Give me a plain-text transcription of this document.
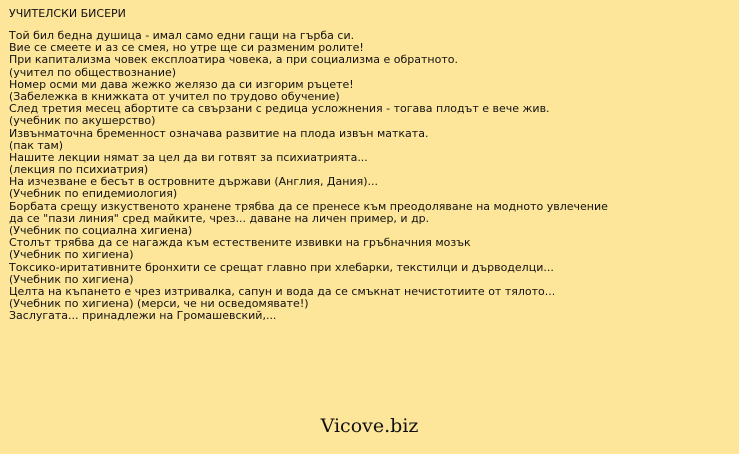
УЧИТЕЛСКИ БИСЕРИ
Той бил бедна душица - имал само едни гащи на гърба си.
Вие се смеете и аз се смея, но утре ще си разменим ролите!
При капитализма човек експлоатира човека, а при социализма е обратното.
(учител по обществознание)
Номер осми ми дава жежко желязо да си изгорим ръцете!
(Забележка в книжката от учител по трудово обучение)
След третия месец абортите са свързани с редица усложнения - тогава плодът е вече жив.
(учебник по акушерство)
Извънматочна бременност означава развитие на плода извън матката.
(пак там)
Нашите лекции нямат за цел да ви готвят за психиатрията...
(лекция по психиатрия)
На изчезване е бесът в островните държави (Англия, Дания)...
(Учебник по епидемиология)
Борбата срещу изкуственото хранене трябва да се пренесе към преодоляване на модното увлечение
да се "пази линия" сред майките, чрез... даване на личен пример, и др.
(Учебник по социална хигиена)
Столът трябва да се нагажда към естествените извивки на гръбначния мозък
(Учебник по хигиена)
Токсико-иритативните бронхити се срещат главно при хлебарки, текстилци и дърводелци...
(Учебник по хигиена)
Целта на къпането е чрез изтривалка, сапун и вода да се смъкнат нечистотиите от тялото...
(Учебник по хигиена) (мерси, че ни осведомявате!)
Заслугата... принадлежи на Громашевский,...
Vicove.biz
